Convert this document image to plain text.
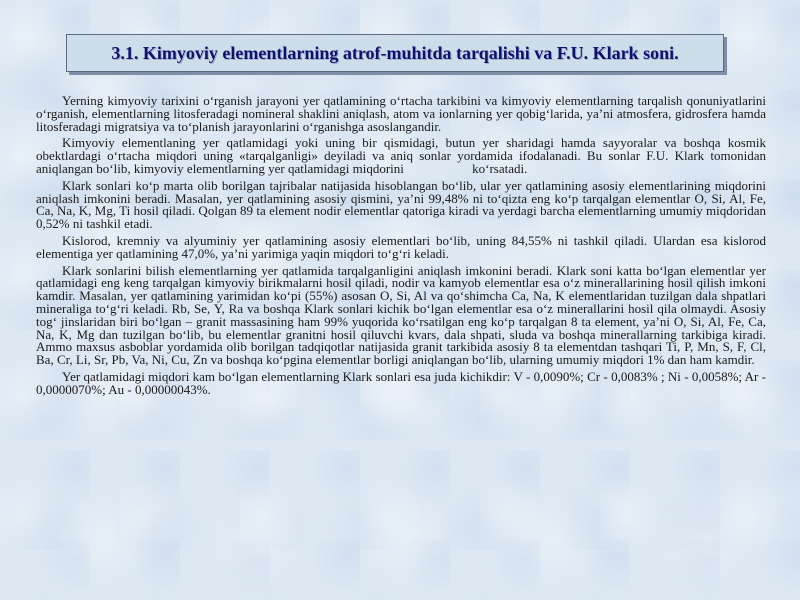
3.1. Kimyoviy elementlarning atrof-muhitda tarqalishi va F.U. Klark soni.

Yerning kimyoviy tarixini oʻrganish jarayoni yer qatlamining oʻrtacha tarkibini va kimyoviy elementlarning tarqalish qonuniyatlarini oʻrganish, elementlarning litosferadagi nomineral shaklini aniqlash, atom va ionlarning yer qobigʻlarida, yaʼni atmosfera, gidrosfera hamda litosferadagi migratsiya va toʻplanish jarayonlarini oʻrganishga asoslangandir.

Kimyoviy elementlaning yer qatlamidagi yoki uning bir qismidagi, butun yer sharidagi hamda sayyoralar va boshqa kosmik obektlardagi oʻrtacha miqdori uning «tarqalganligi» deyiladi va aniq sonlar yordamida ifodalanadi. Bu sonlar F.U. Klark tomonidan aniqlangan boʻlib, kimyoviy elementlarning yer qatlamidagi miqdorini                     koʻrsatadi.

Klark sonlari koʻp marta olib borilgan tajribalar natijasida hisoblangan boʻlib, ular yer qatlamining asosiy elementlarining miqdorini aniqlash imkonini beradi. Masalan, yer qatlamining asosiy qismini, yaʼni 99,48% ni toʻqizta eng koʻp tarqalgan elementlar O, Si, Al, Fe, Ca, Na, K, Mg, Ti hosil qiladi. Qolgan 89 ta element nodir elementlar qatoriga kiradi va yerdagi barcha elementlarning umumiy miqdoridan 0,52% ni tashkil etadi.

Kislorod, kremniy va alyuminiy yer qatlamining asosiy elementlari boʻlib, uning 84,55% ni tashkil qiladi. Ulardan esa kislorod elementiga yer qatlamining 47,0%, yaʼni yarimiga yaqin miqdori toʻgʻri keladi.

Klark sonlarini bilish elementlarning yer qatlamida tarqalganligini aniqlash imkonini beradi. Klark soni katta boʻlgan elementlar yer qatlamidagi eng keng tarqalgan kimyoviy birikmalarni hosil qiladi, nodir va kamyob elementlar esa oʻz minerallarining hosil qilish imkoni kamdir. Masalan, yer qatlamining yarimidan koʻpi (55%) asosan O, Si, Al va qoʻshimcha Ca, Na, K elementlaridan tuzilgan dala shpatlari mineraliga toʻgʻri keladi. Rb, Se, Y, Ra va boshqa Klark sonlari kichik boʻlgan elementlar esa oʻz minerallarini hosil qila olmaydi. Asosiy togʻ jinslaridan biri boʻlgan – granit massasining ham 99% yuqorida koʻrsatilgan eng koʻp tarqalgan 8 ta element, yaʼni O, Si, Al, Fe, Ca, Na, K, Mg dan tuzilgan boʻlib, bu elementlar granitni hosil qiluvchi kvars, dala shpati, sluda va boshqa minerallarning tarkibiga kiradi. Ammo maxsus asboblar yordamida olib borilgan tadqiqotlar natijasida granit tarkibida asosiy 8 ta elementdan tashqari Ti, P, Mn, S, F, Cl, Ba, Cr, Li, Sr, Pb, Va, Ni, Cu, Zn va boshqa koʻpgina elementlar borligi aniqlangan boʻlib, ularning umumiy miqdori 1% dan ham kamdir.

Yer qatlamidagi miqdori kam boʻlgan elementlarning Klark sonlari esa juda kichikdir: V - 0,0090%; Cr - 0,0083% ; Ni - 0,0058%; Ar - 0,0000070%; Au - 0,00000043%.
